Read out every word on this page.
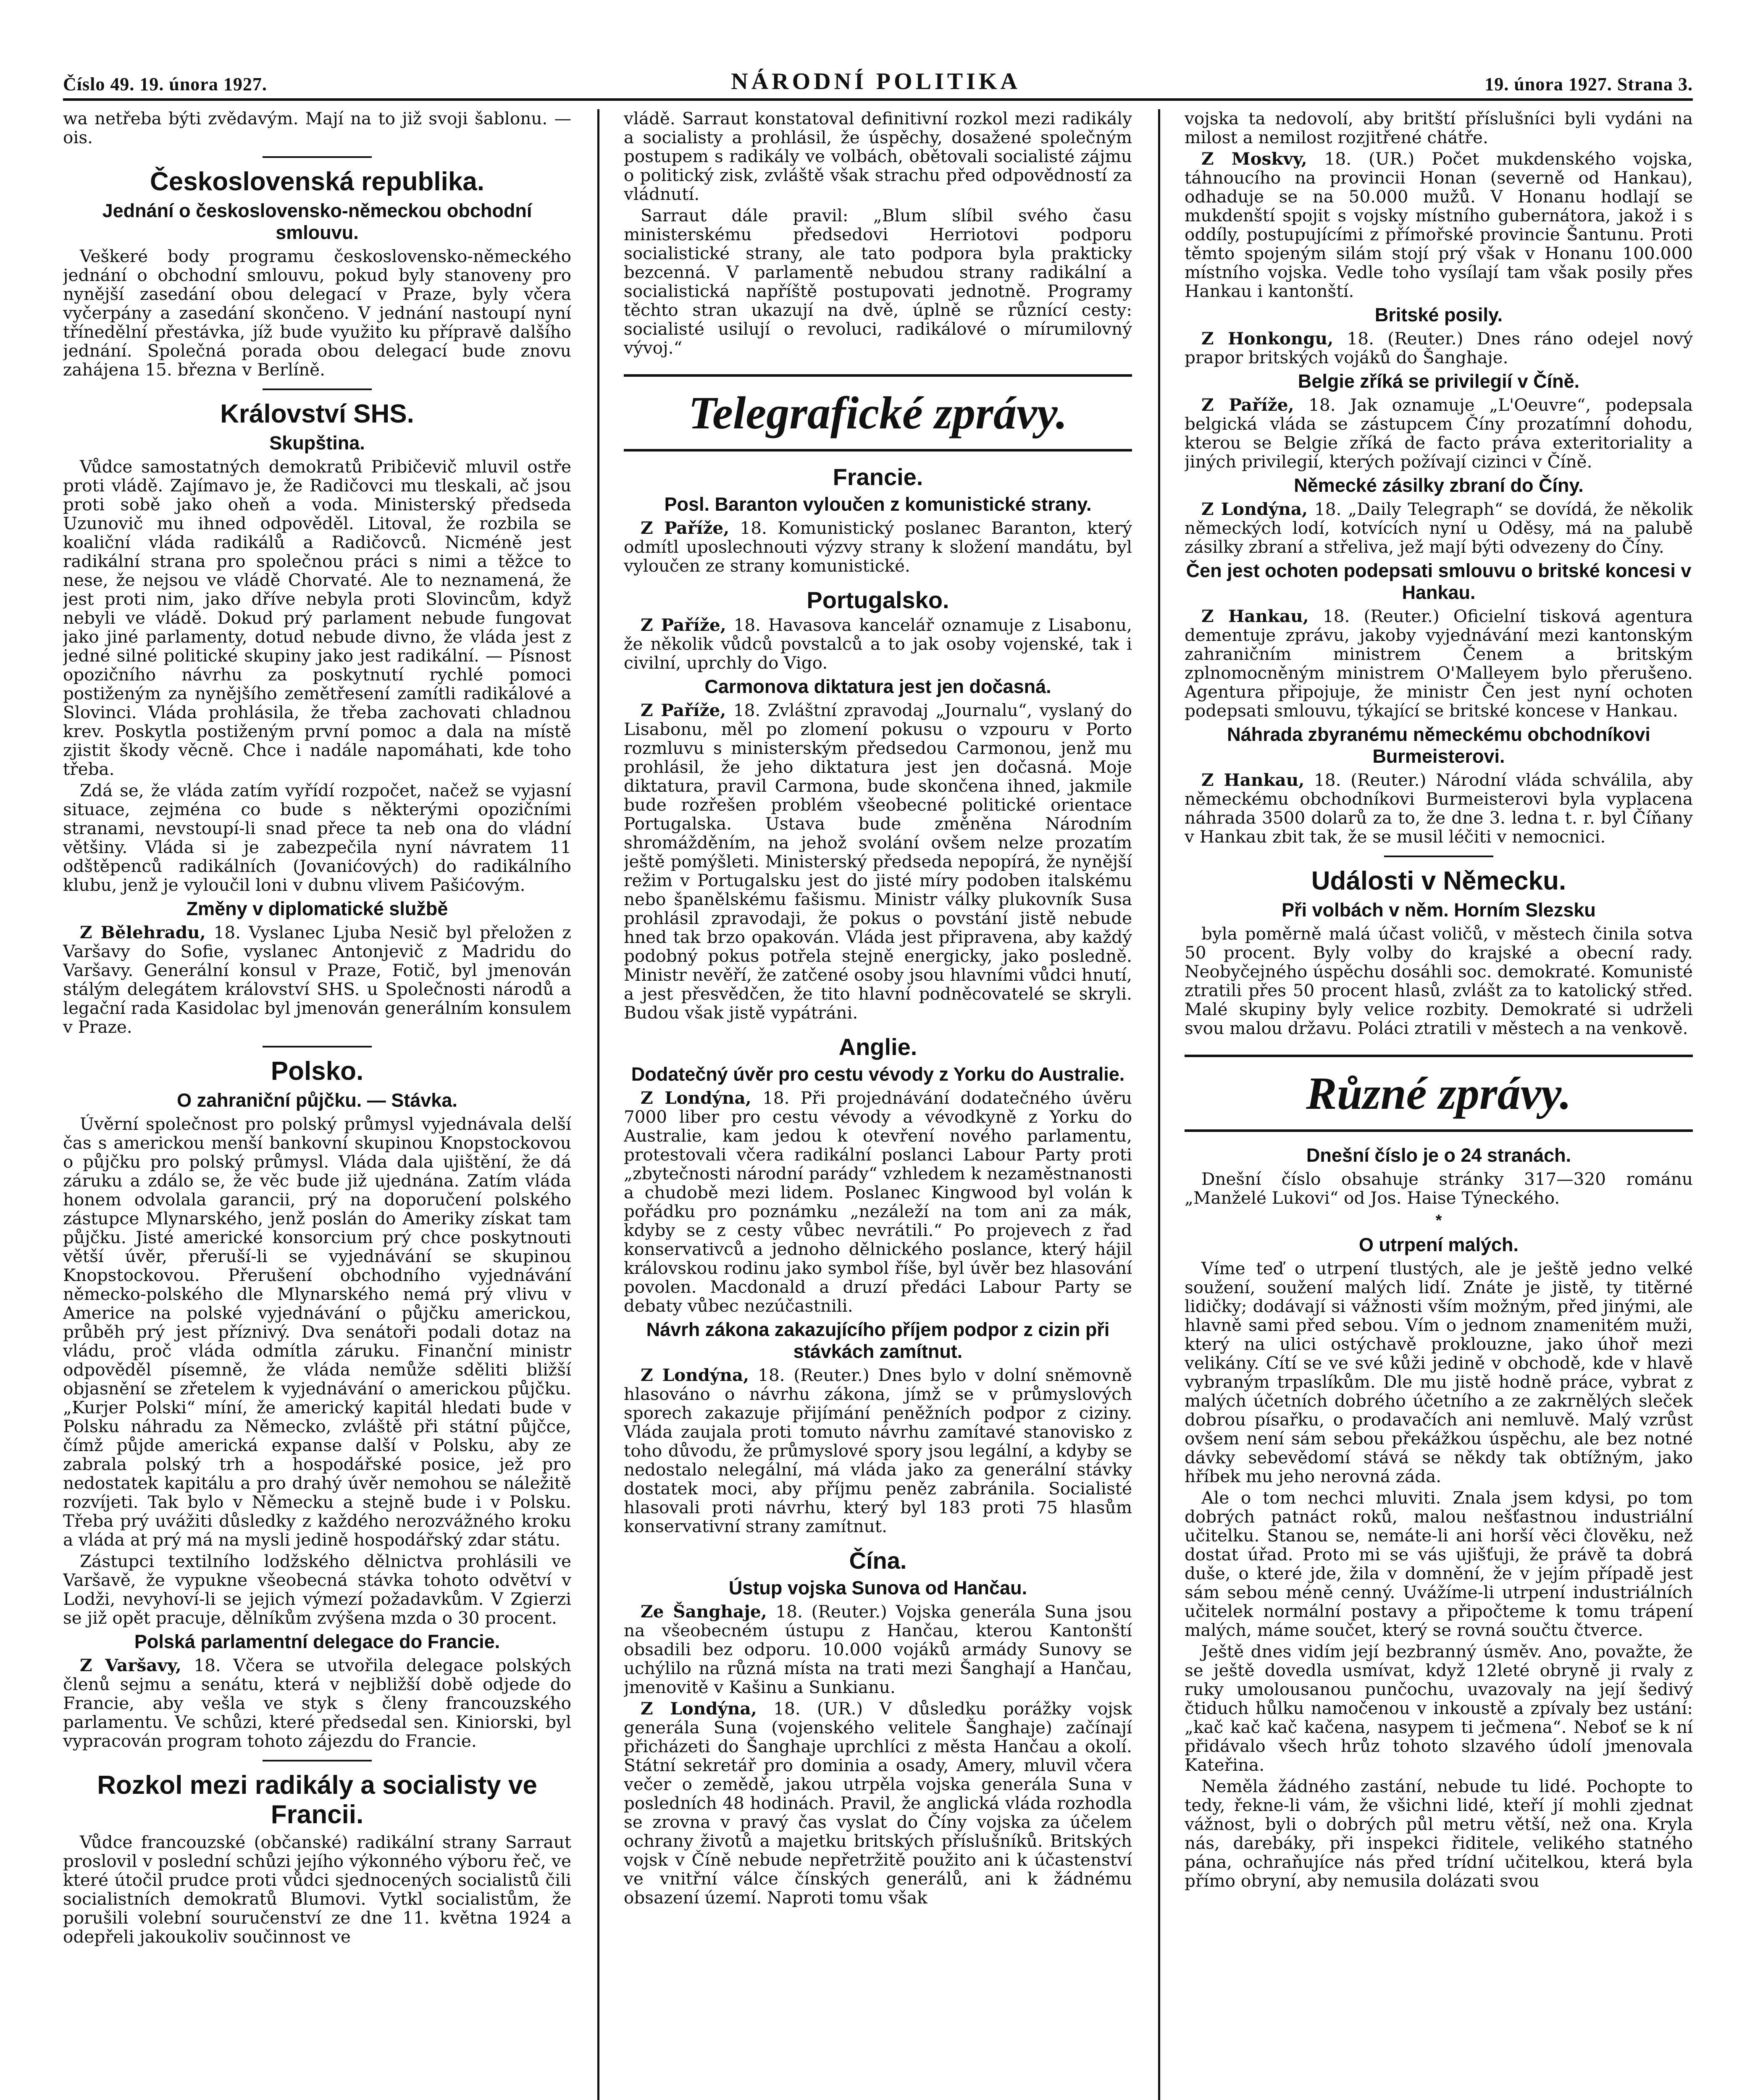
Číslo 49. 19. února 1927.	NÁRODNÍ POLITIKA	19. února 1927. Strana 3.

wa netřeba býti zvědavým. Mají na to již svoji šablonu. —ois.

Československá republika.
Jednání o československo-německou obchodní smlouvu.

Veškeré body programu československo-německého jednání o obchodní smlouvu, pokud byly stanoveny pro nynější zasedání obou delegací v Praze, byly včera vyčerpány a zasedání skončeno. V jednání nastoupí nyní třínedělní přestávka, jíž bude využito ku přípravě dalšího jednání. Společná porada obou delegací bude znovu zahájena 15. března v Berlíně.

Království SHS.
Skupština.

Vůdce samostatných demokratů Pribičevič mluvil ostře proti vládě. Zajímavo je, že Radičovci mu tleskali, ač jsou proti sobě jako oheň a voda. Ministerský předseda Uzunovič mu ihned odpověděl. Litoval, že rozbila se koaliční vláda radikálů a Radičovců. Nicméně jest radikální strana pro společnou práci s nimi a těžce to nese, že nejsou ve vládě Chorvaté. Ale to neznamená, že jest proti nim, jako dříve nebyla proti Slovincům, když nebyli ve vládě. Dokud prý parlament nebude fungovat jako jiné parlamenty, dotud nebude divno, že vláda jest z jedné silné politické skupiny jako jest radikální. — Písnost opozičního návrhu za poskytnutí rychlé pomoci postiženým za nynějšího zemětřesení zamítli radikálové a Slovinci. Vláda prohlásila, že třeba zachovati chladnou krev. Poskytla postiženým první pomoc a dala na místě zjistit škody věcně. Chce i nadále napomáhati, kde toho třeba.

Zdá se, že vláda zatím vyřídí rozpočet, načež se vyjasní situace, zejména co bude s některými opozičními stranami, nevstoupí-li snad přece ta neb ona do vládní většiny. Vláda si je zabezpečila nyní návratem 11 odštěpenců radikálních (Jovanićových) do radikálního klubu, jenž je vyloučil loni v dubnu vlivem Pašićovým.

Změny v diplomatické službě

Z Bělehradu, 18. Vyslanec Ljuba Nesič byl přeložen z Varšavy do Sofie, vyslanec Antonjevič z Madridu do Varšavy. Generální konsul v Praze, Fotič, byl jmenován stálým delegátem království SHS. u Společnosti národů a legační rada Kasidolac byl jmenován generálním konsulem v Praze.

Polsko.
O zahraniční půjčku. — Stávka.

Úvěrní společnost pro polský průmysl vyjednávala delší čas s americkou menší bankovní skupinou Knopstockovou o půjčku pro polský průmysl. Vláda dala ujištění, že dá záruku a zdálo se, že věc bude již ujednána. Zatím vláda honem odvolala garancii, prý na doporučení polského zástupce Mlynarského, jenž poslán do Ameriky získat tam půjčku. Jisté americké konsorcium prý chce poskytnouti větší úvěr, přeruší-li se vyjednávání se skupinou Knopstockovou. Přerušení obchodního vyjednávání německo-polského dle Mlynarského nemá prý vlivu v Americe na polské vyjednávání o půjčku americkou, průběh prý jest příznivý. Dva senátoři podali dotaz na vládu, proč vláda odmítla záruku. Finanční ministr odpověděl písemně, že vláda nemůže sděliti bližší objasnění se zřetelem k vyjednávání o americkou půjčku. „Kurjer Polski“ míní, že americký kapitál hledati bude v Polsku náhradu za Německo, zvláště při státní půjčce, čímž půjde americká expanse další v Polsku, aby ze zabrala polský trh a hospodářské posice, jež pro nedostatek kapitálu a pro drahý úvěr nemohou se náležitě rozvíjeti. Tak bylo v Německu a stejně bude i v Polsku. Třeba prý uvážiti důsledky z každého nerozvážného kroku a vláda at prý má na mysli jedině hospodářský zdar státu.

Zástupci textilního lodžského dělnictva prohlásili ve Varšavě, že vypukne všeobecná stávka tohoto odvětví v Lodži, nevyhoví-li se jejich výmezí požadavkům. V Zgierzi se již opět pracuje, dělníkům zvýšena mzda o 30 procent.

Polská parlamentní delegace do Francie.

Z Varšavy, 18. Včera se utvořila delegace polských členů sejmu a senátu, která v nejbližší době odjede do Francie, aby vešla ve styk s členy francouzského parlamentu. Ve schůzi, které předsedal sen. Kiniorski, byl vypracován program tohoto zájezdu do Francie.

Rozkol mezi radikály a socialisty ve Francii.

Vůdce francouzské (občanské) radikální strany Sarraut proslovil v poslední schůzi jejího výkonného výboru řeč, ve které útočil prudce proti vůdci sjednocených socialistů čili socialistních demokratů Blumovi. Vytkl socialistům, že porušili volební souručenství ze dne 11. května 1924 a odepřeli jakoukoliv součinnost ve

vládě. Sarraut konstatoval definitivní rozkol mezi radikály a socialisty a prohlásil, že úspěchy, dosažené společným postupem s radikály ve volbách, obětovali socialisté zájmu o politický zisk, zvláště však strachu před odpovědností za vládnutí.

Sarraut dále pravil: „Blum slíbil svého času ministerskému předsedovi Herriotovi podporu socialistické strany, ale tato podpora byla prakticky bezcenná. V parlamentě nebudou strany radikální a socialistická napříště postupovati jednotně. Programy těchto stran ukazují na dvě, úplně se různící cesty: socialisté usilují o revoluci, radikálové o mírumilovný vývoj.“

Telegrafické zprávy.
Francie.
Posl. Baranton vyloučen z komunistické strany.

Z Paříže, 18. Komunistický poslanec Baranton, který odmítl uposlechnouti výzvy strany k složení mandátu, byl vyloučen ze strany komunistické.

Portugalsko.

Z Paříže, 18. Havasova kancelář oznamuje z Lisabonu, že několik vůdců povstalců a to jak osoby vojenské, tak i civilní, uprchly do Vigo.

Carmonova diktatura jest jen dočasná.

Z Paříže, 18. Zvláštní zpravodaj „Journalu“, vyslaný do Lisabonu, měl po zlomení pokusu o vzpouru v Porto rozmluvu s ministerským předsedou Carmonou, jenž mu prohlásil, že jeho diktatura jest jen dočasná. Moje diktatura, pravil Carmona, bude skončena ihned, jakmile bude rozřešen problém všeobecné politické orientace Portugalska. Ustava bude změněna Národním shromážděním, na jehož svolání ovšem nelze prozatím ještě pomýšleti. Ministerský předseda nepopírá, že nynější režim v Portugalsku jest do jisté míry podoben italskému nebo španělskému fašismu. Ministr války plukovník Susa prohlásil zpravodaji, že pokus o povstání jistě nebude hned tak brzo opakován. Vláda jest připravena, aby každý podobný pokus potřela stejně energicky, jako posledně. Ministr nevěří, že zatčené osoby jsou hlavními vůdci hnutí, a jest přesvědčen, že tito hlavní podněcovatelé se skryli. Budou však jistě vypátráni.

Anglie.
Dodatečný úvěr pro cestu vévody z Yorku do Australie.

Z Londýna, 18. Při projednávání dodatečného úvěru 7000 liber pro cestu vévody a vévodkyně z Yorku do Australie, kam jedou k otevření nového parlamentu, protestovali včera radikální poslanci Labour Party proti „zbytečnosti národní parády“ vzhledem k nezaměstnanosti a chudobě mezi lidem. Poslanec Kingwood byl volán k pořádku pro poznámku „nezáleží na tom ani za mák, kdyby se z cesty vůbec nevrátili.“ Po projevech z řad konservativců a jednoho dělnického poslance, který hájil královskou rodinu jako symbol říše, byl úvěr bez hlasování povolen. Macdonald a druzí předáci Labour Party se debaty vůbec nezúčastnili.

Návrh zákona zakazujícího příjem podpor z cizin při stávkách zamítnut.

Z Londýna, 18. (Reuter.) Dnes bylo v dolní sněmovně hlasováno o návrhu zákona, jímž se v průmyslových sporech zakazuje přijímání peněžních podpor z ciziny. Vláda zaujala proti tomuto návrhu zamítavé stanovisko z toho důvodu, že průmyslové spory jsou legální, a kdyby se nedostalo nelegální, má vláda jako za generální stávky dostatek moci, aby příjmu peněz zabránila. Socialisté hlasovali proti návrhu, který byl 183 proti 75 hlasům konservativní strany zamítnut.

Čína.
Ústup vojska Sunova od Hančau.

Ze Šanghaje, 18. (Reuter.) Vojska generála Suna jsou na všeobecném ústupu z Hančau, kterou Kantonští obsadili bez odporu. 10.000 vojáků armády Sunovy se uchýlilo na různá místa na trati mezi Šanghají a Hančau, jmenovitě v Kašinu a Sunkianu.

Z Londýna, 18. (UR.) V důsledku porážky vojsk generála Suna (vojenského velitele Šanghaje) začínají přicházeti do Šanghaje uprchlíci z města Hančau a okolí. Státní sekretář pro dominia a osady, Amery, mluvil včera večer o zemědě, jakou utrpěla vojska generála Suna v posledních 48 hodinách. Pravil, že anglická vláda rozhodla se zrovna v pravý čas vyslat do Číny vojska za účelem ochrany životů a majetku britských příslušníků. Britských vojsk v Číně nebude nepřetržitě použito ani k účastenství ve vnitřní válce čínských generálů, ani k žádnému obsazení území. Naproti tomu však

vojska ta nedovolí, aby britští příslušníci byli vydáni na milost a nemilost rozjitřené chátře.

Z Moskvy, 18. (UR.) Počet mukdenského vojska, táhnoucího na provincii Honan (severně od Hankau), odhaduje se na 50.000 mužů. V Honanu hodlají se mukdenští spojit s vojsky místního gubernátora, jakož i s oddíly, postupujícími z přímořské provincie Šantunu. Proti těmto spojeným silám stojí prý však v Honanu 100.000 místního vojska. Vedle toho vysílají tam však posily přes Hankau i kantonští.

Britské posily.

Z Honkongu, 18. (Reuter.) Dnes ráno odejel nový prapor britských vojáků do Šanghaje.

Belgie zříká se privilegií v Číně.

Z Paříže, 18. Jak oznamuje „L'Oeuvre“, podepsala belgická vláda se zástupcem Číny prozatímní dohodu, kterou se Belgie zříká de facto práva exteritoriality a jiných privilegií, kterých požívají cizinci v Číně.

Německé zásilky zbraní do Číny.

Z Londýna, 18. „Daily Telegraph“ se dovídá, že několik německých lodí, kotvících nyní u Oděsy, má na palubě zásilky zbraní a střeliva, jež mají býti odvezeny do Číny.

Čen jest ochoten podepsati smlouvu o britské koncesi v Hankau.

Z Hankau, 18. (Reuter.) Oficielní tisková agentura dementuje zprávu, jakoby vyjednávání mezi kantonským zahraničním ministrem Čenem a britským zplnomocněným ministrem O'Malleyem bylo přerušeno. Agentura připojuje, že ministr Čen jest nyní ochoten podepsati smlouvu, týkající se britské koncese v Hankau.

Náhrada zbyranému německému obchodníkovi Burmeisterovi.

Z Hankau, 18. (Reuter.) Národní vláda schválila, aby německému obchodníkovi Burmeisterovi byla vyplacena náhrada 3500 dolarů za to, že dne 3. ledna t. r. byl Číňany v Hankau zbit tak, že se musil léčiti v nemocnici.

Události v Německu.
Při volbách v něm. Horním Slezsku

byla poměrně malá účast voličů, v městech činila sotva 50 procent. Byly volby do krajské a obecní rady. Neobyčejného úspěchu dosáhli soc. demokraté. Komunisté ztratili přes 50 procent hlasů, zvlášt za to katolický střed. Malé skupiny byly velice rozbity. Demokraté si udrželi svou malou državu. Poláci ztratili v městech a na venkově.

Různé zprávy.
Dnešní číslo je o 24 stranách.

Dnešní číslo obsahuje stránky 317—320 románu „Manželé Lukovi“ od Jos. Haise Týneckého.

*
O utrpení malých.

Víme teď o utrpení tlustých, ale je ještě jedno velké soužení, soužení malých lidí. Znáte je jistě, ty titěrné lidičky; dodávají si vážnosti vším možným, před jinými, ale hlavně sami před sebou. Vím o jednom znamenitém muži, který na ulici ostýchavě proklouzne, jako úhoř mezi velikány. Cítí se ve své kůži jedině v obchodě, kde v hlavě vybraným trpaslíkům. Dle mu jistě hodně práce, vybrat z malých účetních dobrého účetního a ze zakrnělých sleček dobrou písařku, o prodavačích ani nemluvě. Malý vzrůst ovšem není sám sebou překážkou úspěchu, ale bez notné dávky sebevědomí stává se někdy tak obtížným, jako hříbek mu jeho nerovná záda.

Ale o tom nechci mluviti. Znala jsem kdysi, po tom dobrých patnáct roků, malou nešťastnou industriální učitelku. Stanou se, nemáte-li ani horší věci člověku, než dostat úřad. Proto mi se vás ujišťuji, že právě ta dobrá duše, o které jde, žila v domnění, že v jejím případě jest sám sebou méně cenný. Uvážíme-li utrpení industriálních učitelek normální postavy a připočteme k tomu trápení malých, máme součet, který se rovná součtu čtverce.

Ještě dnes vidím její bezbranný úsměv. Ano, považte, že se ještě dovedla usmívat, když 12leté obryně ji rvaly z ruky umolousanou punčochu, uvazovaly na její šedivý čtiduch hůlku namočenou v inkoustě a zpívaly bez ustání: „kač kač kač kačena, nasypem ti ječmena“. Neboť se k ní přidávalo všech hrůz tohoto slzavého údolí jmenovala Kateřina.

Neměla žádného zastání, nebude tu lidé. Pochopte to tedy, řekne-li vám, že všichni lidé, kteří jí mohli zjednat vážnost, byli o dobrých půl metru větší, než ona. Kryla nás, darebáky, při inspekci řiditele, velikého statného pána, ochraňujíce nás před trídní učitelkou, která byla přímo obryní, aby nemusila dolázati svou
